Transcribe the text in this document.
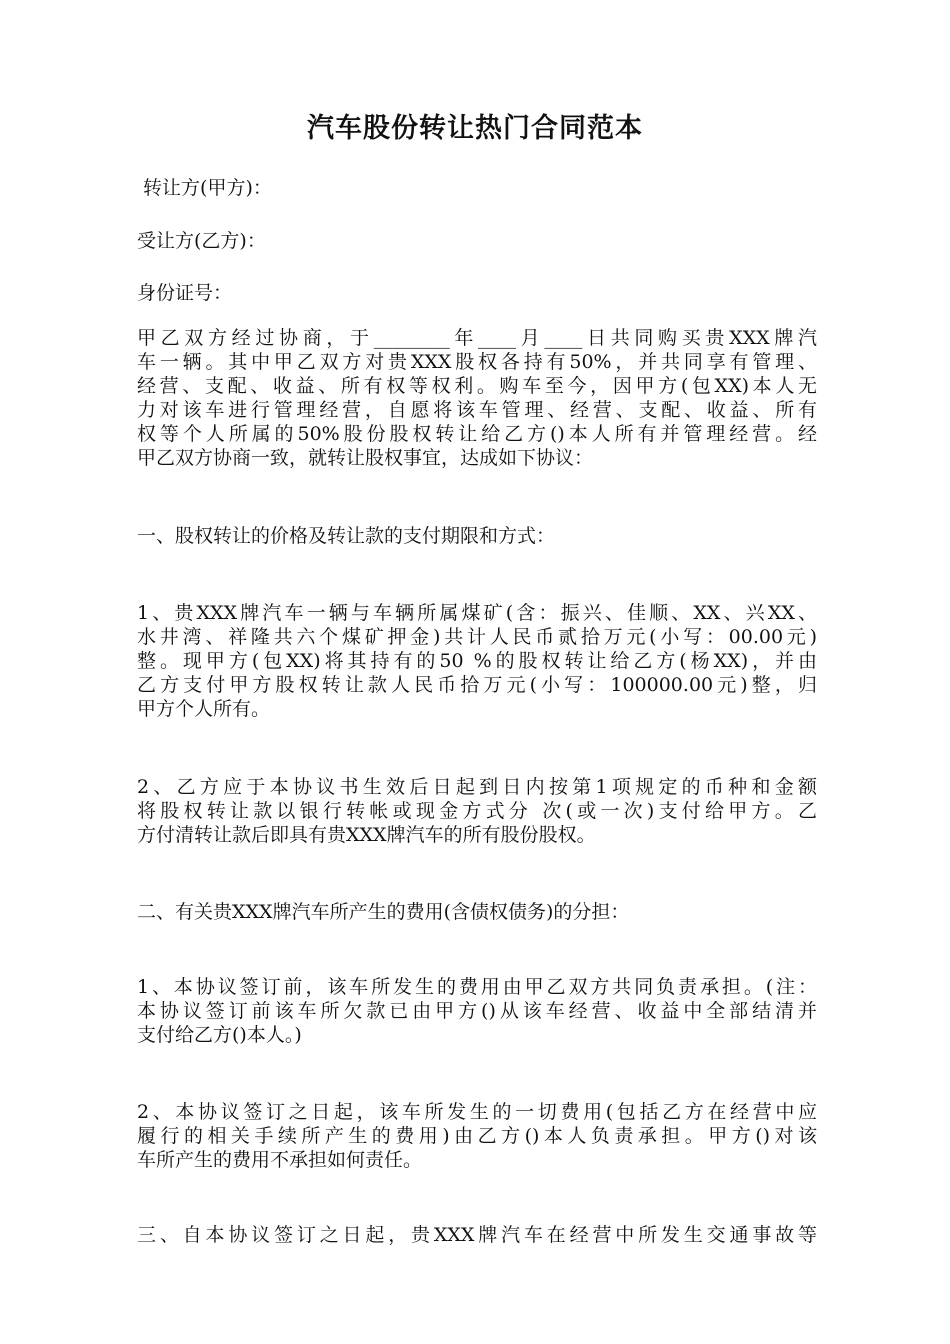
汽车股份转让热门合同范本
转让方(甲方)：
受让方(乙方)：
身份证号：
甲乙双方经过协商，于________年____月____日共同购买贵XXX牌汽
车一辆。其中甲乙双方对贵XXX股权各持有50%，并共同享有管理、
经营、支配、收益、所有权等权利。购车至今，因甲方(包XX)本人无
力对该车进行管理经营，自愿将该车管理、经营、支配、收益、所有
权等个人所属的50%股份股权转让给乙方()本人所有并管理经营。经
甲乙双方协商一致，就转让股权事宜，达成如下协议：
一、股权转让的价格及转让款的支付期限和方式：
1、贵XXX牌汽车一辆与车辆所属煤矿(含：振兴、佳顺、XX、兴XX、
水井湾、祥隆共六个煤矿押金)共计人民币贰拾万元(小写：00.00元)
整。现甲方(包XX)将其持有的50 %的股权转让给乙方(杨XX)，并由
乙方支付甲方股权转让款人民币拾万元(小写：100000.00元)整，归
甲方个人所有。
2、乙方应于本协议书生效后日起到日内按第1项规定的币种和金额
将股权转让款以银行转帐或现金方式分 次(或一次)支付给甲方。乙
方付清转让款后即具有贵XXX牌汽车的所有股份股权。
二、有关贵XXX牌汽车所产生的费用(含债权债务)的分担：
1、本协议签订前，该车所发生的费用由甲乙双方共同负责承担。(注：
本协议签订前该车所欠款已由甲方()从该车经营、收益中全部结清并
支付给乙方()本人。)
2、本协议签订之日起，该车所发生的一切费用(包括乙方在经营中应
履行的相关手续所产生的费用)由乙方()本人负责承担。甲方()对该
车所产生的费用不承担如何责任。
三、自本协议签订之日起，贵XXX牌汽车在经营中所发生交通事故等
